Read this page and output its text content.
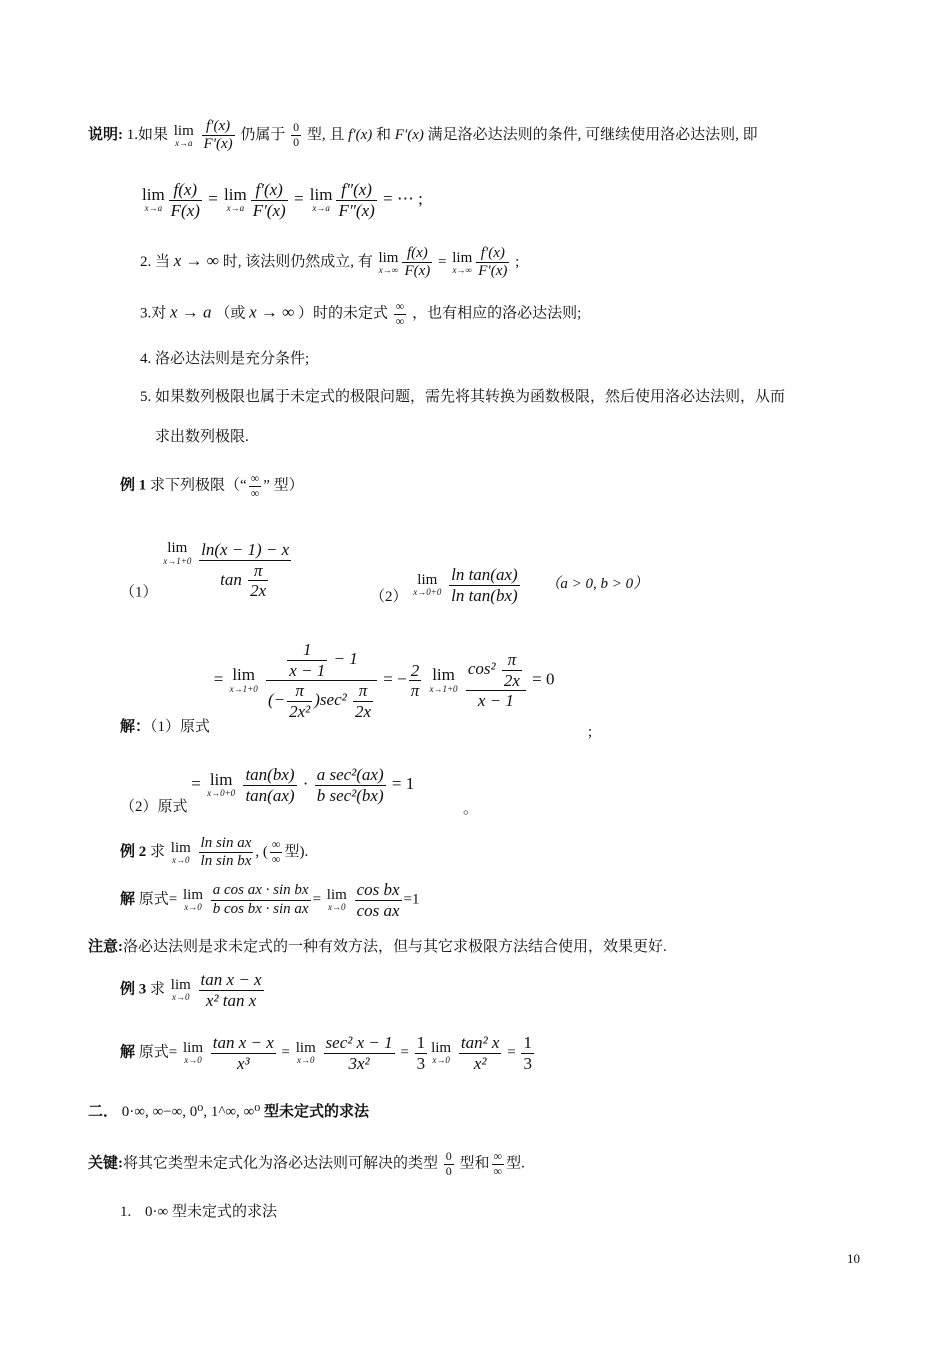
说明: 1.如果 lim
x→a
$\frac{f'(x)}{F'(x)}$ 仍属于 $\frac{0}{0}$ 型, 且 f′(x) 和 F′(x) 满足洛必达法则的条件, 可继续使用洛必达法则, 即
lim
$x\to a \frac{f(x)}{F(x)} = \lim$
$x\to a \frac{f'(x)}{F'(x)} = \lim$
$x\to a \frac{f''(x)}{F''(x)}$ = ⋯ ;
2. 当 x → ∞ 时, 该法则仍然成立, 有 lim
$x\to\infty \frac{f(x)}{F(x)} = \lim$
$x\to\infty \frac{f'(x)}{F'(x)}$ ;
3.对 x → a （或 x → ∞ ）时的未定式 $\frac{\infty}{\infty}$ ，也有相应的洛必达法则;
4. 洛必达法则是充分条件;
5. 如果数列极限也属于未定式的极限问题，需先将其转换为函数极限，然后使用洛必达法则，从而
求出数列极限.
例 1 求下列极限（“ $\frac{\infty}{\infty}$ ” 型）
（1）
lim
x→1+0
$\frac{\ln(x - 1) - x}{\tan \frac{\pi}{2x}}$	（2）
lim
x→0+0
$\frac{\text{ln tan(ax)}}{\text{ln tan(bx)}} (a > 0$, b > 0）
解：（1）原式 = lim
x→1+0
$\frac{\frac{1}{x - 1} - 1}{(- \frac{\pi}{\text{2x²}} )\sec^2 \frac{\pi}{2x}}$ = − $\frac{2}{\pi}$
lim
x→1+0
$\frac{\cos^2 \frac{\pi}{2x}}{x - 1} = 0$
;
（2）原式 = lim
x→0+0
$\frac{\tan(bx)}{\tan(ax)} \cdot \frac{\text{a sec²(ax)}}{\text{b sec²(bx)}} = 1$
。
例 2 求 lim
x→0
$\frac{\text{ln sin ax}}{\text{ln sin bx}}$ , ( $\frac{\infty}{\infty}$ 型).
解 原式= lim
x→0
$\frac{\text{a cos ax · sin bx}}{\text{b cos bx · sin ax}} = \lim$
x→0
$\frac{\text{cos bx}}{\text{cos ax}} =1$
注意:洛必达法则是求未定式的一种有效方法，但与其它求极限方法结合使用，效果更好.
例 3 求 lim
x→0
$\frac{\text{tan x − x}}{\text{x² tan x}}$
解 原式= lim
x→0
$\frac{\text{tan x − x}}{\text{x³}} = \lim$
x→0
$\frac{\text{sec² x − 1}}{\text{3x²}} = \frac{1}{3}$ lim
x→0
$\frac{\text{tan² x}}{\text{x²}} = \frac{1}{3}$
二． 0·∞, ∞−∞, 0⁰, 1^∞, ∞⁰ 型未定式的求法
关键:将其它类型未定式化为洛必达法则可解决的类型 $\frac{0}{0}$ 型和 $\frac{\infty}{\infty}$ 型.
1. 0·∞ 型未定式的求法
10
